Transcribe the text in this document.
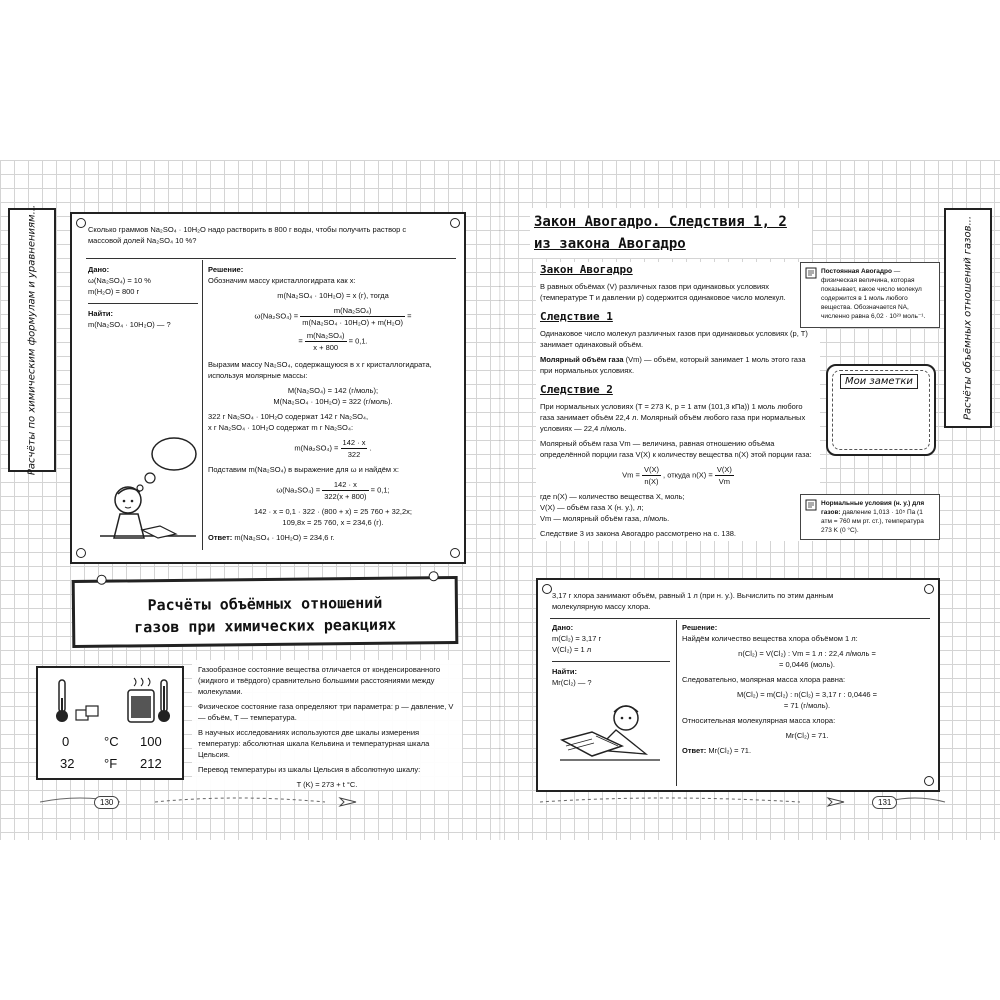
Расчёты по химическим формулам и уравнениям...	Сколько граммов Na₂SO₄ · 10H₂O надо растворить в 800 г воды, чтобы получить раствор с массовой долей Na₂SO₄ 10 %?
Дано:
ω(Na₂SO₄) = 10 %
m(H₂O) = 800 г
Найти:
m(Na₂SO₄ · 10H₂O) — ?
Решение:
Обозначим массу кристаллогидрата как x:
m(Na₂SO₄ · 10H₂O) = x (г), тогда
$\omega(Na_2SO_4) = \frac{\text{m(Na₂SO₄)}}{\text{m(Na₂SO₄ · 10H₂O) + m(H₂O)}}$ =
= $\frac{\text{m(Na₂SO₄)}}{x + 800} = 0,1$.
Выразим массу Na₂SO₄, содержащуюся в x г кристаллогидрата, используя молярные массы:
M(Na₂SO₄) = 142 (г/моль);
M(Na₂SO₄ · 10H₂O) = 322 (г/моль).
322 г Na₂SO₄ · 10H₂O содержат 142 г Na₂SO₄,
x г Na₂SO₄ · 10H₂O содержат m г Na₂SO₄:
$m(Na_2SO_4) = \frac{142 \cdot x}{322}$ .
Подставим m(Na₂SO₄) в выражение для ω и найдём x:
$\omega(Na_2SO_4) = \frac{142 \cdot x}{322(x + 800)} = 0,1$;
142 · x = 0,1 · 322 · (800 + x) = 25 760 + 32,2x;
109,8x = 25 760, x = 234,6 (г).
Ответ: m(Na₂SO₄ · 10H₂O) = 234,6 г.
Расчёты объёмных отношений
газов при химических реакциях
0	°C 100
32 °F 212
Газообразное состояние вещества отличается от конденсированного (жидкого и твёрдого) сравнительно большими расстояниями между молекулами.
Физическое состояние газа определяют три параметра: p — давление, V — объём, T — температура.
В научных исследованиях используются две шкалы измерения температур: абсолютная шкала Кельвина и температурная шкала Цельсия.
Перевод температуры из шкалы Цельсия в абсолютную шкалу:
T (K) = 273 + t °C.
130
Закон Авогадро. Следствия 1, 2
из закона Авогадро
Закон Авогадро
В равных объёмах (V) различных газов при одинаковых условиях (температуре T и давлении p) содержится одинаковое число молекул.
Следствие 1
Одинаковое число молекул различных газов при одинаковых условиях (p, T) занимает одинаковый объём.
Молярный объём газа (Vm) — объём, который занимает 1 моль этого газа при нормальных условиях.
Следствие 2
При нормальных условиях (T = 273 K, p = 1 атм (101,3 кПа)) 1 моль любого газа занимает объём 22,4 л. Молярный объём любого газа при нормальных условиях — 22,4 л/моль.
Молярный объём газа Vm — величина, равная отношению объёма определённой порции газа V(X) к количеству вещества n(X) этой порции газа:
$Vm = \frac{V(X)}{n(X)}$ , откуда $n(X) = \frac{V(X)}{Vm}$
где n(X) — количество вещества X, моль;
V(X) — объём газа X (н. у.), л;
Vm — молярный объём газа, л/моль.
Следствие 3 из закона Авогадро рассмотрено на с. 138.
Постоянная Авогадро — физическая величина, которая показывает, какое число молекул содержится в 1 моль любого вещества. Обозначается NA, численно равна 6,02 · 10²³ моль⁻¹.
Мои заметки
Нормальные условия (н. у.) для газов: давление 1,013 · 10⁵ Па (1 атм = 760 мм рт. ст.), температура 273 K (0 °C).
Расчёты объёмных отношений газов...
3,17 г хлора занимают объём, равный 1 л (при н. у.). Вычислить по этим данным молекулярную массу хлора.
Дано:
m(Cl₂) = 3,17 г
V(Cl₂) = 1 л
Найти:
Mr(Cl₂) — ?
Решение:
Найдём количество вещества хлора объёмом 1 л:
n(Cl₂) = V(Cl₂) : Vm = 1 л : 22,4 л/моль =
= 0,0446 (моль).
Следовательно, молярная масса хлора равна:
M(Cl₂) = m(Cl₂) : n(Cl₂) = 3,17 г : 0,0446 =
= 71 (г/моль).
Относительная молекулярная масса хлора:
Mr(Cl₂) = 71.
Ответ: Mr(Cl₂) = 71.
131
